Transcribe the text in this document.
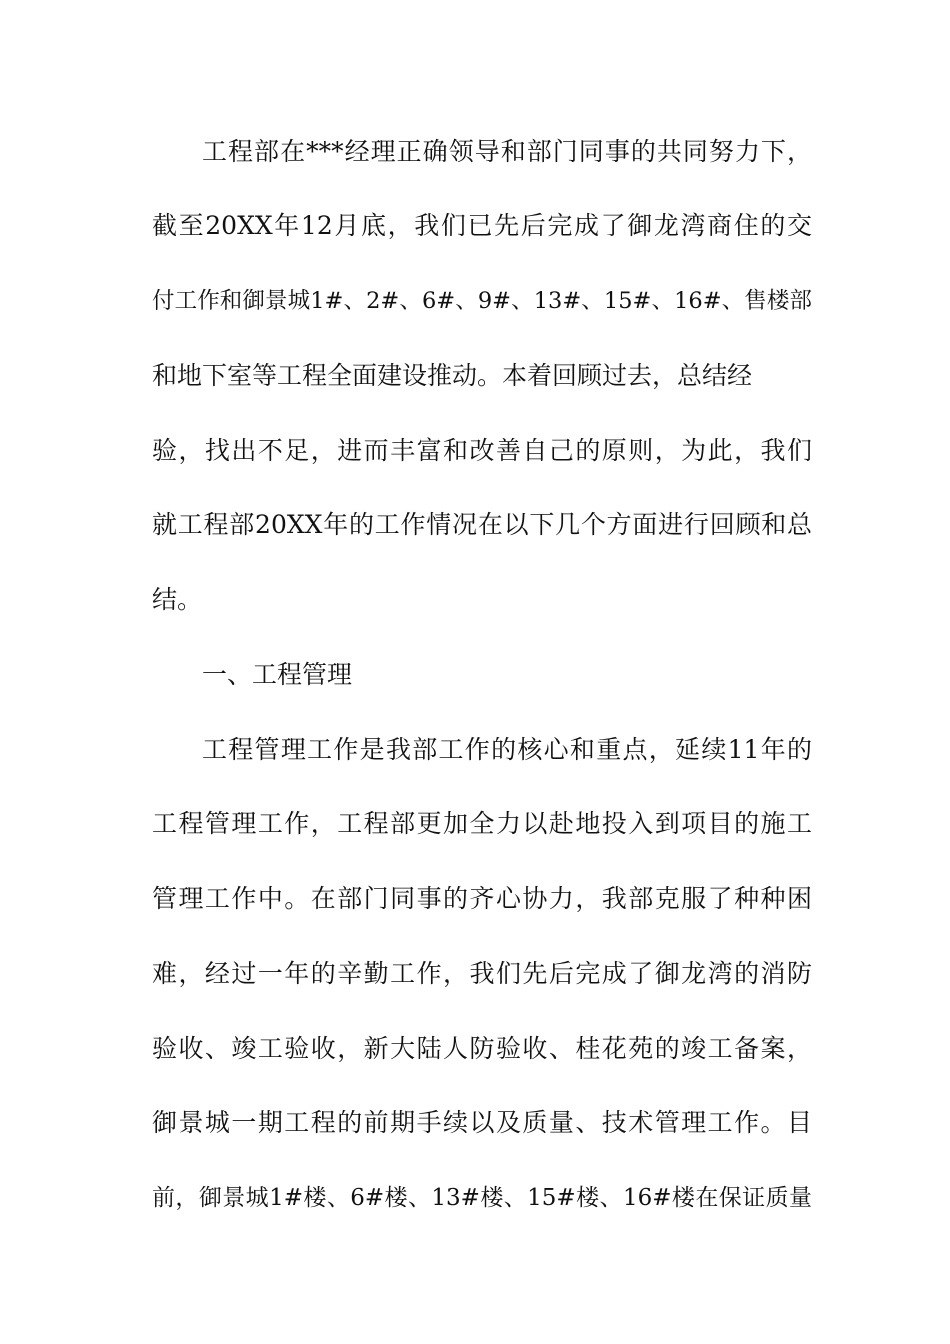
工程部在***经理正确领导和部门同事的共同努力下，
截至20XX年12月底，我们已先后完成了御龙湾商住的交
付工作和御景城1#、2#、6#、9#、13#、15#、16#、售楼部
和地下室等工程全面建设推动。本着回顾过去，总结经
验，找出不足，进而丰富和改善自己的原则，为此，我们
就工程部20XX年的工作情况在以下几个方面进行回顾和总
结。
一、工程管理
工程管理工作是我部工作的核心和重点，延续11年的
工程管理工作，工程部更加全力以赴地投入到项目的施工
管理工作中。在部门同事的齐心协力，我部克服了种种困
难，经过一年的辛勤工作，我们先后完成了御龙湾的消防
验收、竣工验收，新大陆人防验收、桂花苑的竣工备案，
御景城一期工程的前期手续以及质量、技术管理工作。目
前，御景城1#楼、6#楼、13#楼、15#楼、16#楼在保证质量
